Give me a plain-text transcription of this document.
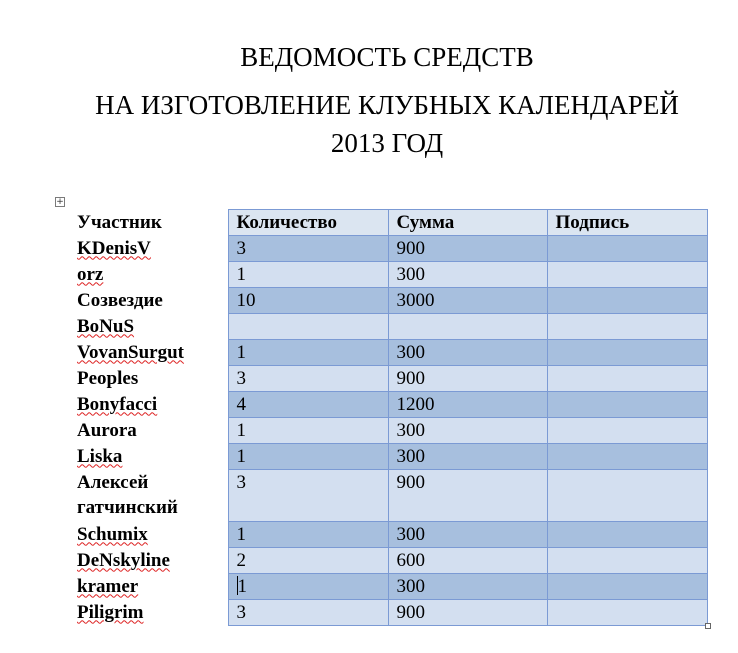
ВЕДОМОСТЬ СРЕДСТВ
НА ИЗГОТОВЛЕНИЕ КЛУБНЫХ КАЛЕНДАРЕЙ
2013 ГОД
+
Участник	Количество	Сумма	Подпись
KDenisV	3	900	
orz	1	300	
Созвездие	10	3000	
BoNuS			
VovanSurgut	1	300	
Peoples	3	900	
Bonyfacci	4	1200	
Aurora	1	300	
Liska	1	300	
Алексей гатчинский	3	900	
Schumix	1	300	
DeNskyline	2	600	
kramer	1	300	
Piligrim	3	900	
